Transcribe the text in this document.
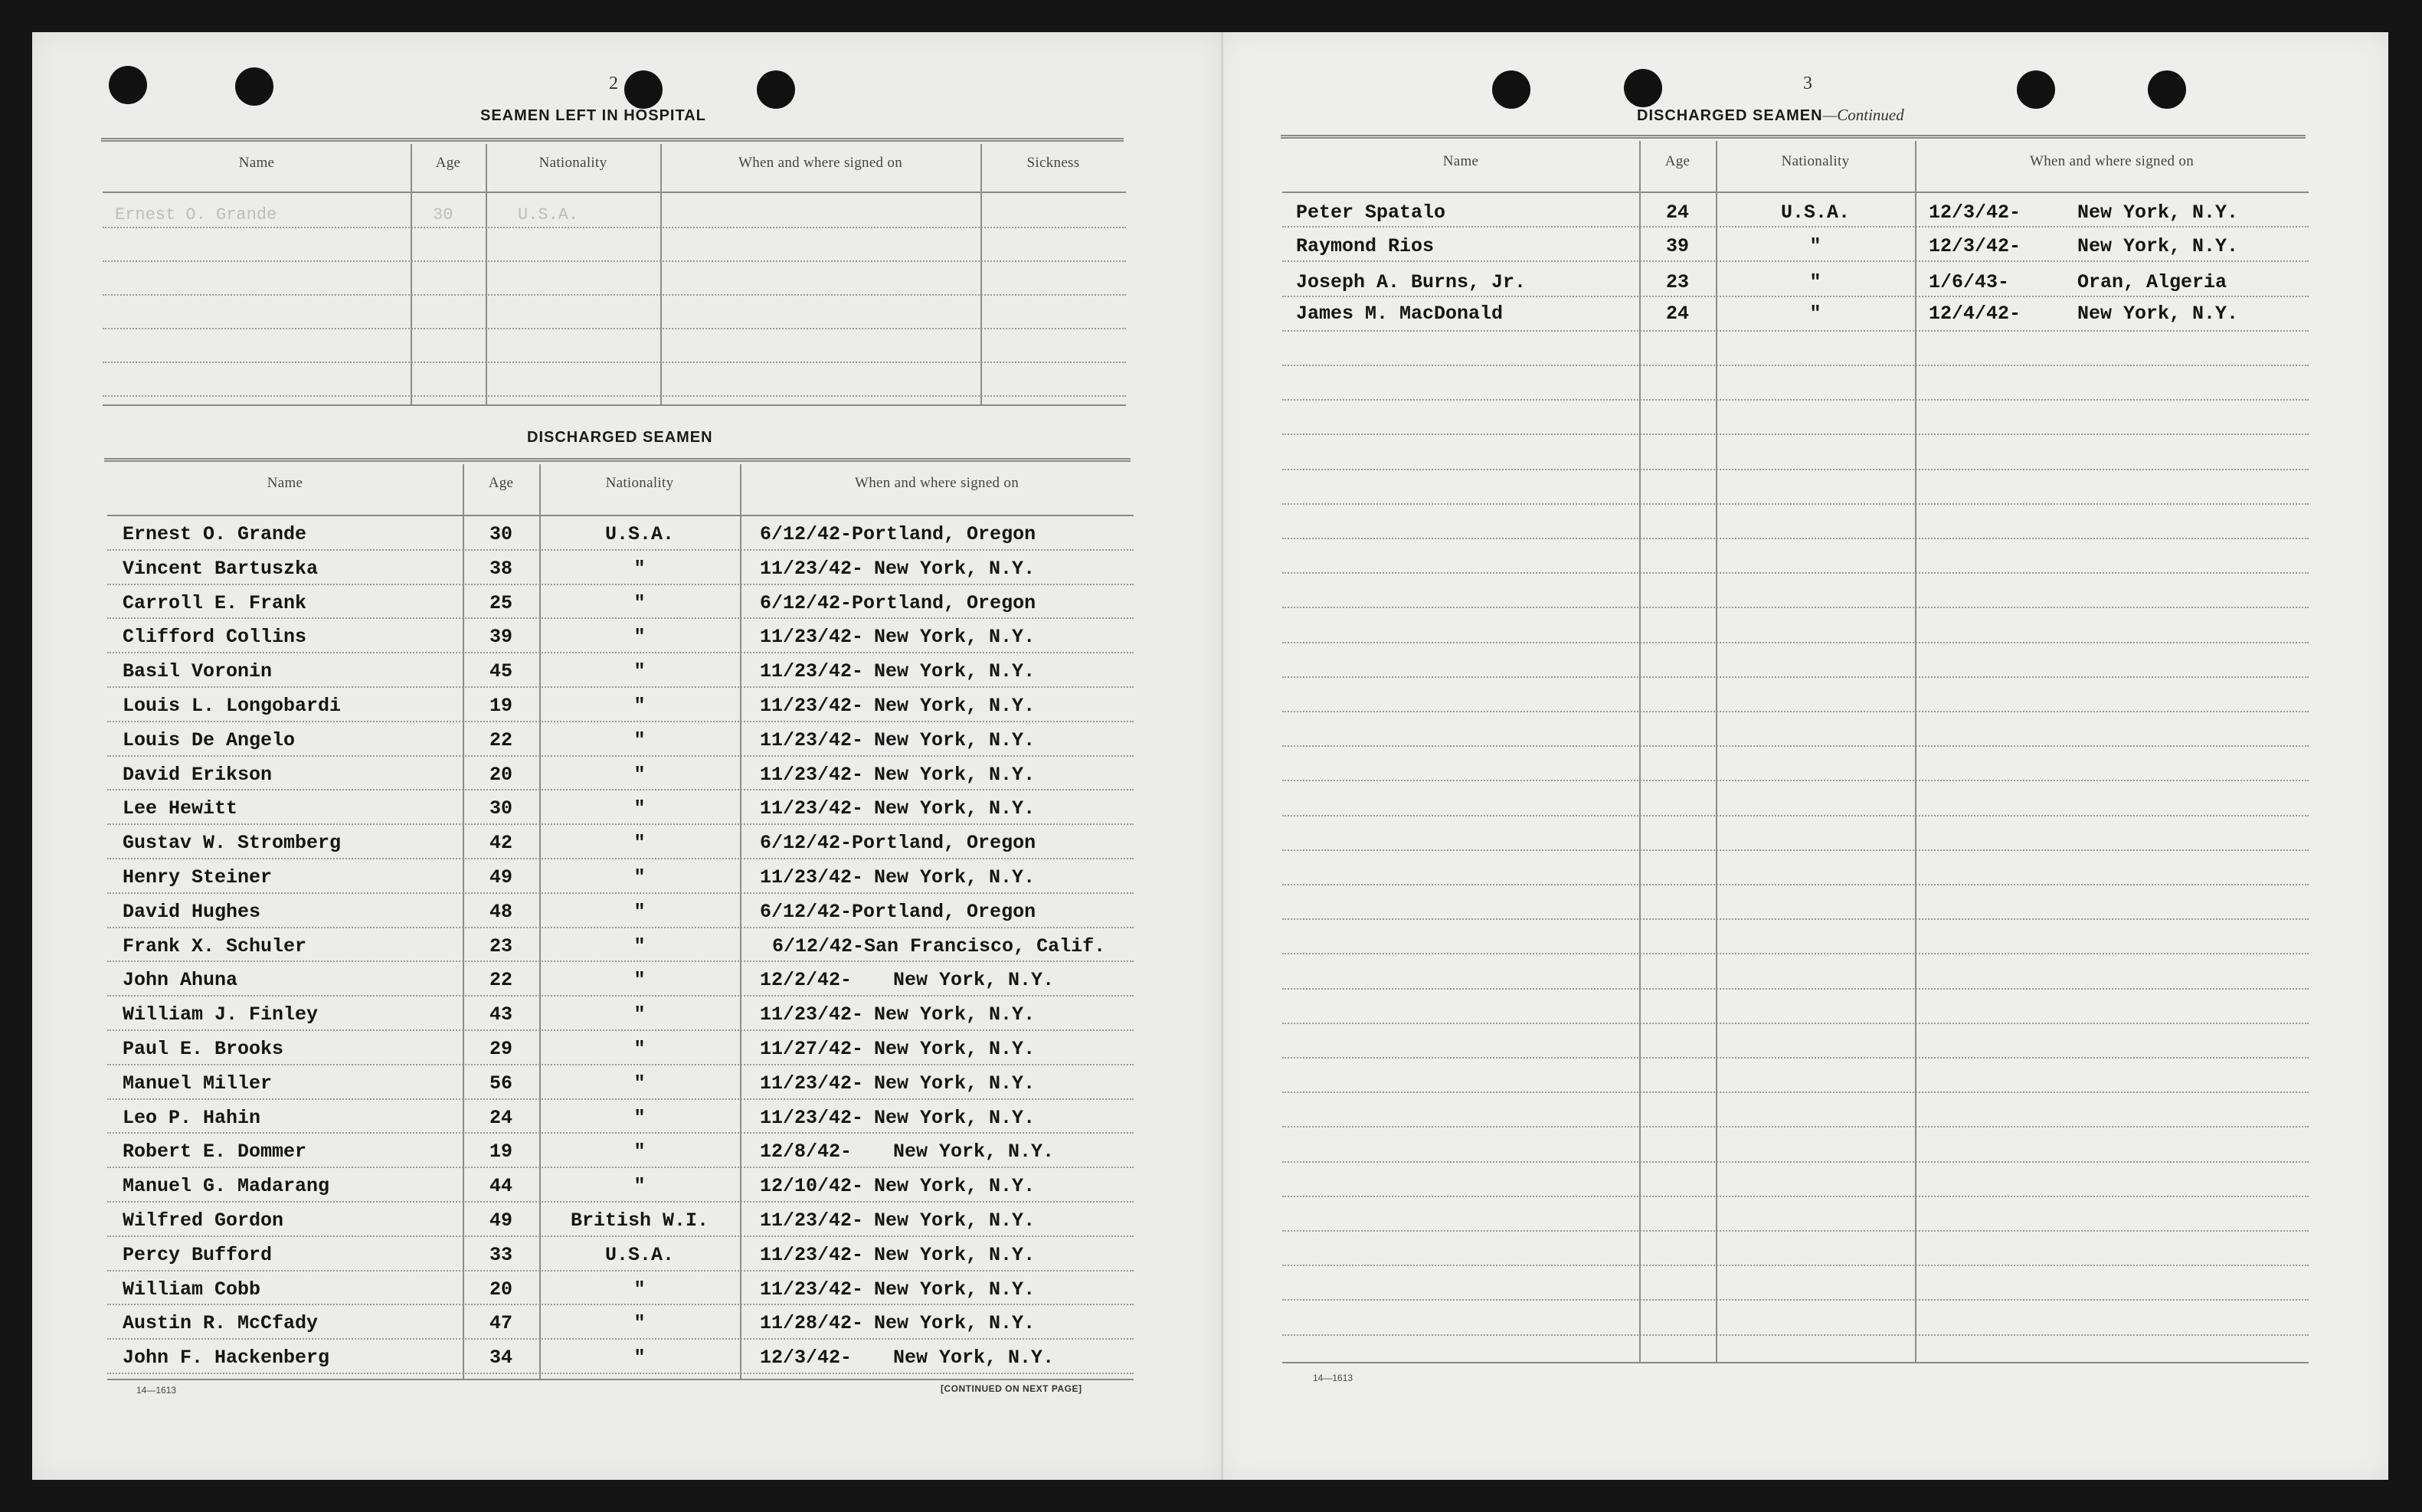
2
SEAMEN LEFT IN HOSPITAL
DISCHARGED SEAMEN
14—1613	[CONTINUED ON NEXT PAGE]
3
DISCHARGED SEAMEN—Continued
14—1613
Name	Age	Nationality	When and where signed on	Sickness
Ernest O. Grande	30	U.S.A.
Name	Age	Nationality	When and where signed on
Ernest O. Grande	30	U.S.A.	6/12/42-Portland, Oregon
Vincent Bartuszka	38	"	11/23/42- New York, N.Y.
Carroll E. Frank	25	"	6/12/42-Portland, Oregon
Clifford Collins	39	"	11/23/42- New York, N.Y.
Basil Voronin	45	"	11/23/42- New York, N.Y.
Louis L. Longobardi	19	"	11/23/42- New York, N.Y.
Louis De Angelo	22	"	11/23/42- New York, N.Y.
David Erikson	20	"	11/23/42- New York, N.Y.
Lee Hewitt	30	"	11/23/42- New York, N.Y.
Gustav W. Stromberg	42	"	6/12/42-Portland, Oregon
Henry Steiner	49	"	11/23/42- New York, N.Y.
David Hughes	48	"	6/12/42-Portland, Oregon
Frank X. Schuler	23	"	6/12/42-San Francisco, Calif.
John Ahuna	22	"	12/2/42- New York, N.Y.
William J. Finley	43	"	11/23/42- New York, N.Y.
Paul E. Brooks	29	"	11/27/42- New York, N.Y.
Manuel Miller	56	"	11/23/42- New York, N.Y.
Leo P. Hahin	24	"	11/23/42- New York, N.Y.
Robert E. Dommer	19	"	12/8/42- New York, N.Y.
Manuel G. Madarang	44	"	12/10/42- New York, N.Y.
Wilfred Gordon	49	British W.I.	11/23/42- New York, N.Y.
Percy Bufford	33	U.S.A.	11/23/42- New York, N.Y.
William Cobb	20	"	11/23/42- New York, N.Y.
Austin R. McCfady	47	"	11/28/42- New York, N.Y.
John F. Hackenberg	34	"	12/3/42- New York, N.Y.
Name	Age	Nationality	When and where signed on
Peter Spatalo	24	U.S.A.	12/3/42-	New York, N.Y.
Raymond Rios	39	"	12/3/42-	New York, N.Y.
Joseph A. Burns, Jr.	23	"	1/6/43-	Oran, Algeria
James M. MacDonald	24	"	12/4/42-	New York, N.Y.
